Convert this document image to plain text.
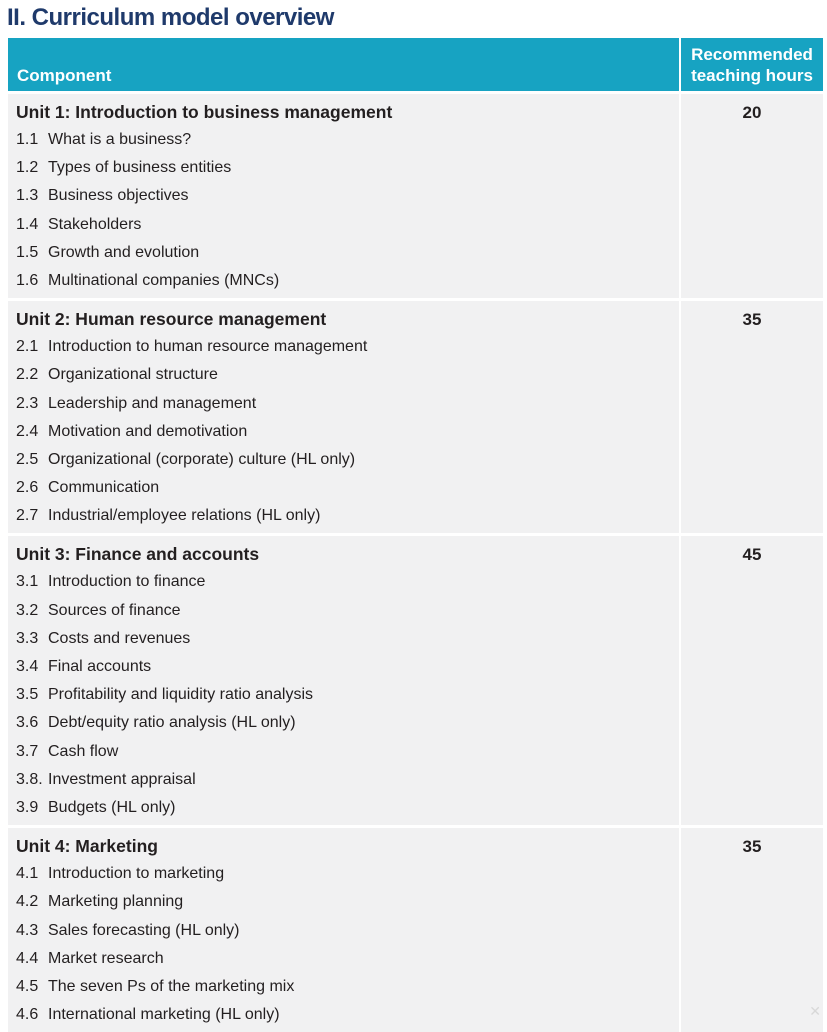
II. Curriculum model overview
Component
Recommended
teaching hours
Unit 1: Introduction to business management
1.1 What is a business?
1.2 Types of business entities
1.3 Business objectives
1.4 Stakeholders
1.5 Growth and evolution
1.6 Multinational companies (MNCs)
20
Unit 2: Human resource management
2.1 Introduction to human resource management
2.2 Organizational structure
2.3 Leadership and management
2.4 Motivation and demotivation
2.5 Organizational (corporate) culture (HL only)
2.6 Communication
2.7 Industrial/employee relations (HL only)
35
Unit 3: Finance and accounts
3.1 Introduction to finance
3.2 Sources of finance
3.3 Costs and revenues
3.4 Final accounts
3.5 Profitability and liquidity ratio analysis
3.6 Debt/equity ratio analysis (HL only)
3.7 Cash flow
3.8. Investment appraisal
3.9 Budgets (HL only)
45
Unit 4: Marketing
4.1 Introduction to marketing
4.2 Marketing planning
4.3 Sales forecasting (HL only)
4.4 Market research
4.5 The seven Ps of the marketing mix
4.6 International marketing (HL only)
35
✕
